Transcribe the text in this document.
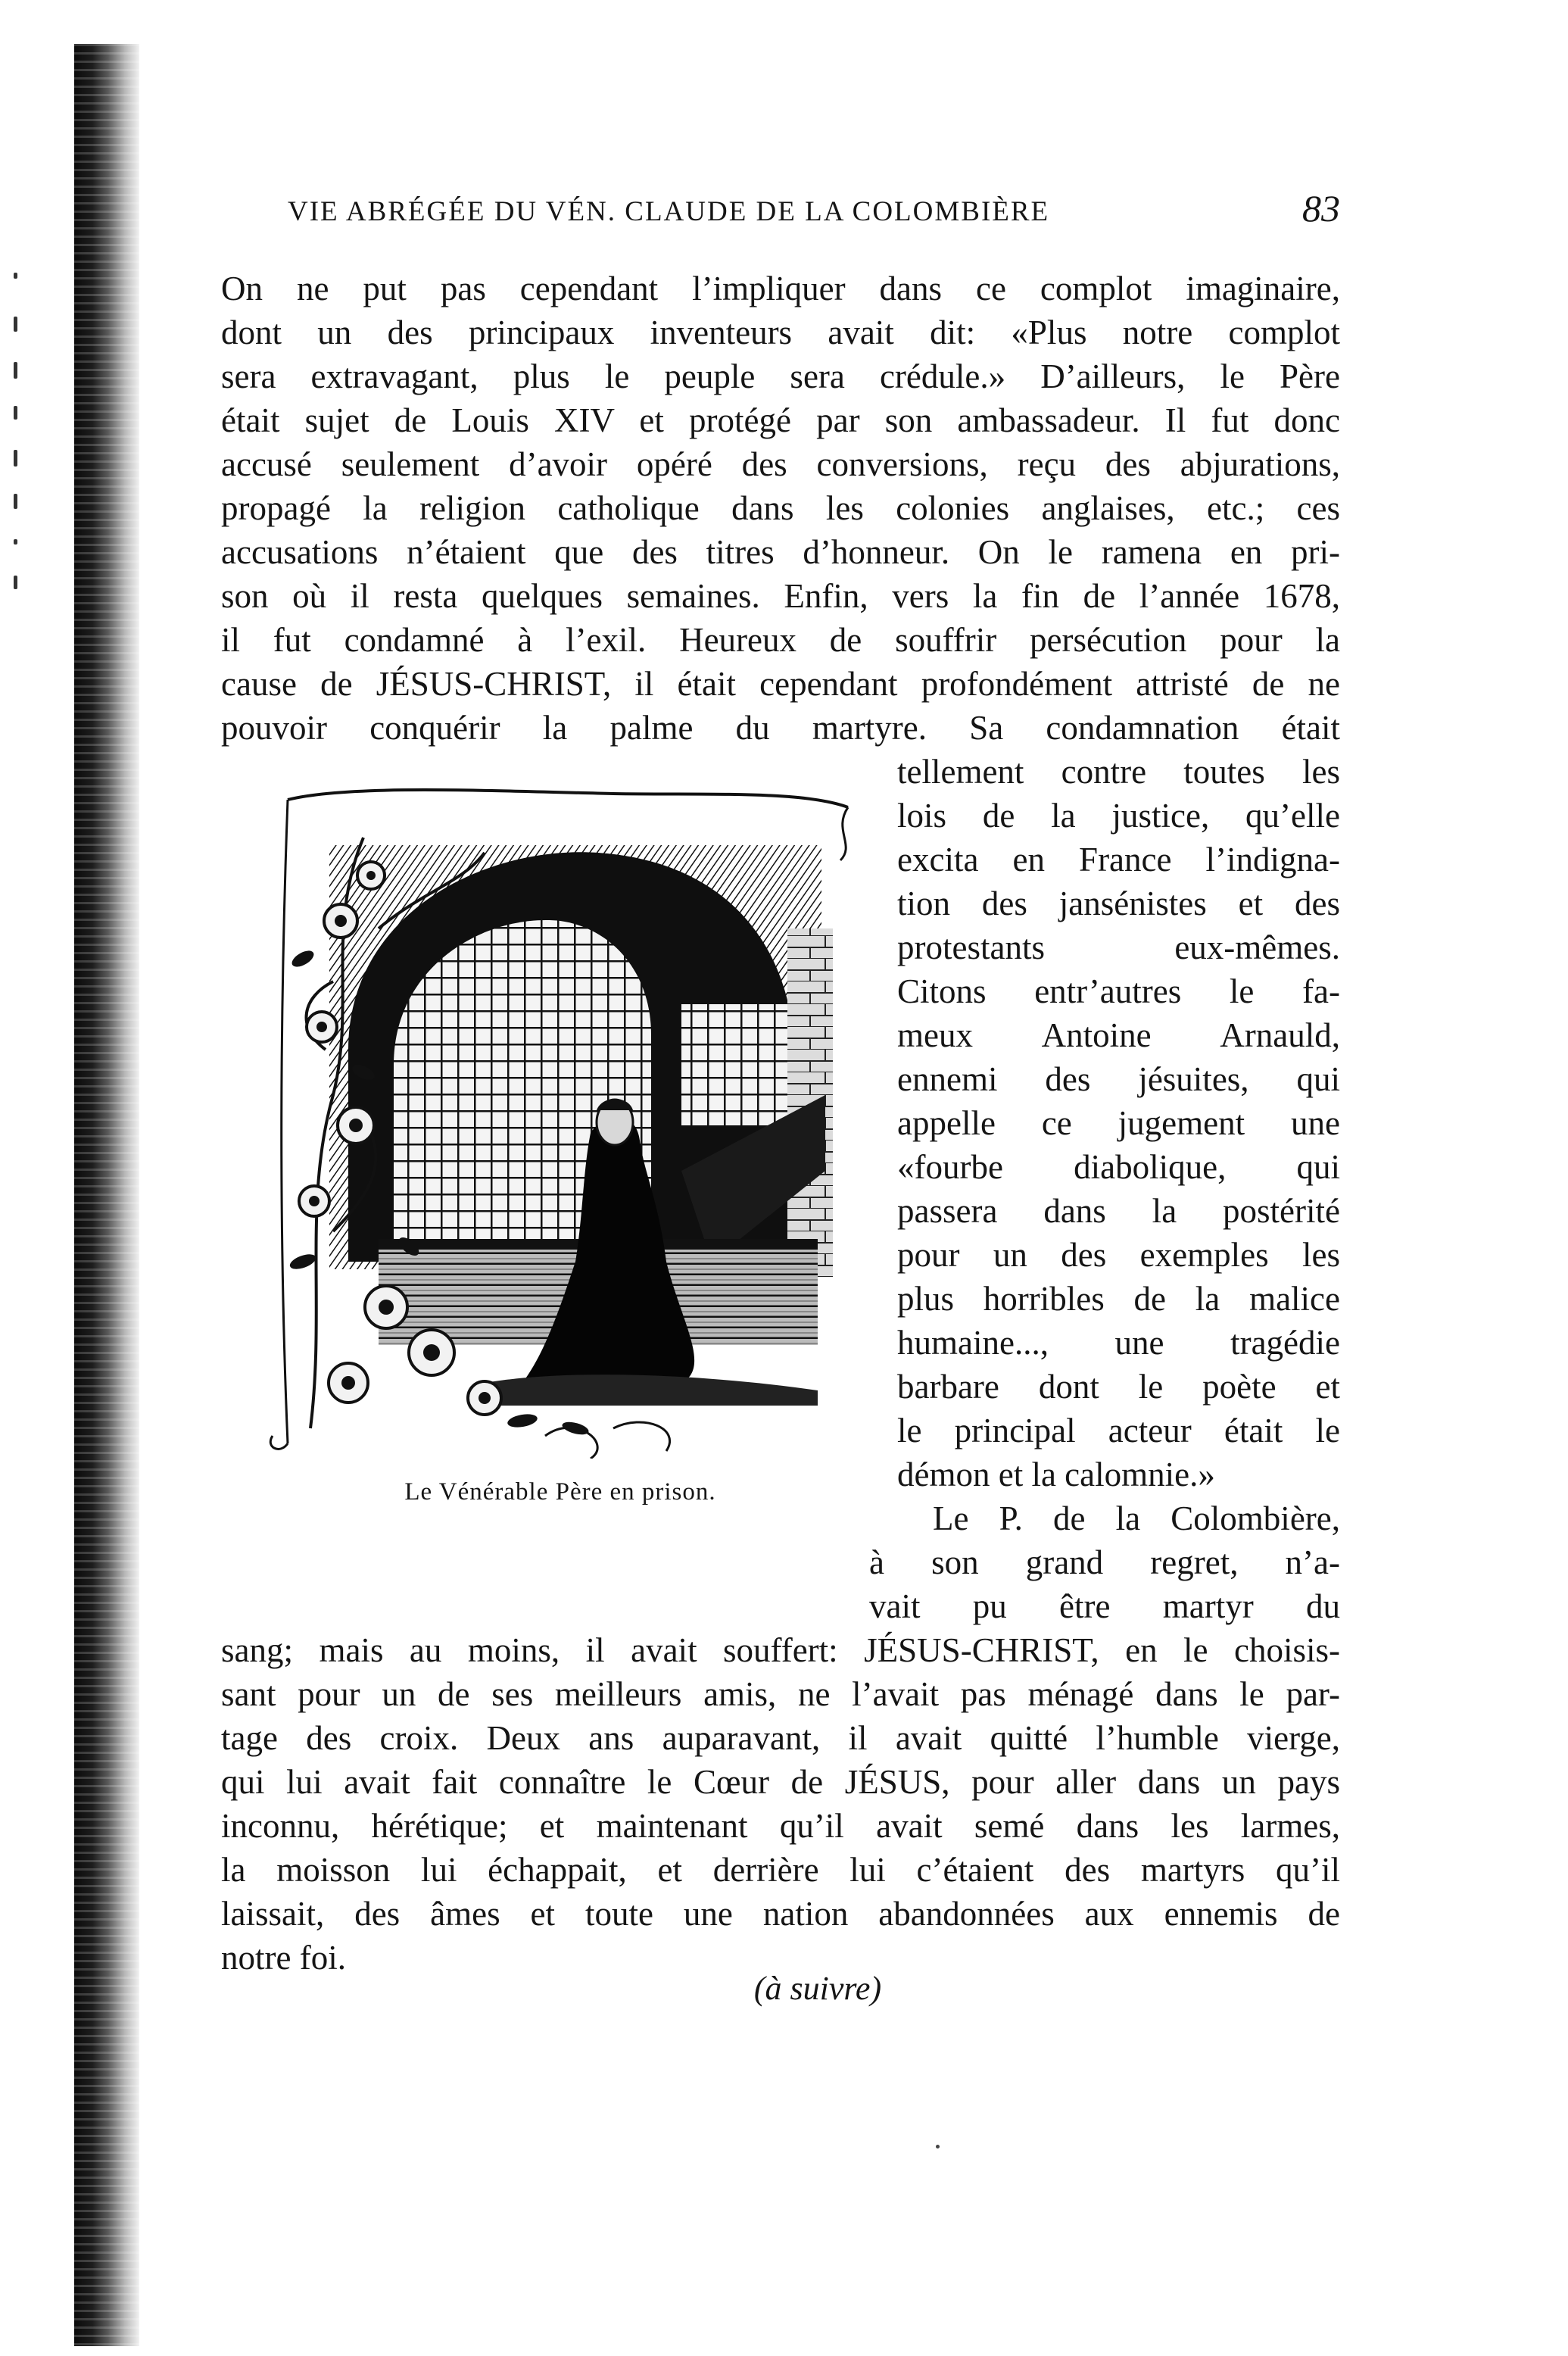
VIE ABRÉGÉE DU VÉN. CLAUDE DE LA COLOMBIÈRE	83
On ne put pas cependant l’impliquer dans ce complot imaginaire,
dont un des principaux inventeurs avait dit: «Plus notre complot
sera extravagant, plus le peuple sera crédule.» D’ailleurs, le Père
était sujet de Louis XIV et protégé par son ambassadeur. Il fut donc
accusé seulement d’avoir opéré des conversions, reçu des abjurations,
propagé la religion catholique dans les colonies anglaises, etc.; ces
accusations n’étaient que des titres d’honneur. On le ramena en pri-
son où il resta quelques semaines. Enfin, vers la fin de l’année 1678,
il fut condamné à l’exil. Heureux de souffrir persécution pour la
cause de JÉSUS-CHRIST, il était cependant profondément attristé de ne
pouvoir conquérir la palme du martyre. Sa condamnation était
tellement contre toutes les
lois de la justice, qu’elle
excita en France l’indigna-
tion des jansénistes et des
protestants eux-mêmes.
Citons entr’autres le fa-
meux Antoine Arnauld,
ennemi des jésuites, qui
appelle ce jugement une
«fourbe diabolique, qui
passera dans la postérité
pour un des exemples les
plus horribles de la malice
humaine..., une tragédie
barbare dont le poète et
le principal acteur était le
démon et la calomnie.»
Le P. de la Colombière,
à son grand regret, n’a-
vait pu être martyr du
sang; mais au moins, il avait souffert: JÉSUS-CHRIST, en le choisis-
sant pour un de ses meilleurs amis, ne l’avait pas ménagé dans le par-
tage des croix. Deux ans auparavant, il avait quitté l’humble vierge,
qui lui avait fait connaître le Cœur de JÉSUS, pour aller dans un pays
inconnu, hérétique; et maintenant qu’il avait semé dans les larmes,
la moisson lui échappait, et derrière lui c’étaient des martyrs qu’il
laissait, des âmes et toute une nation abandonnées aux ennemis de
notre foi.
Le Vénérable Père en prison.
(à suivre)
